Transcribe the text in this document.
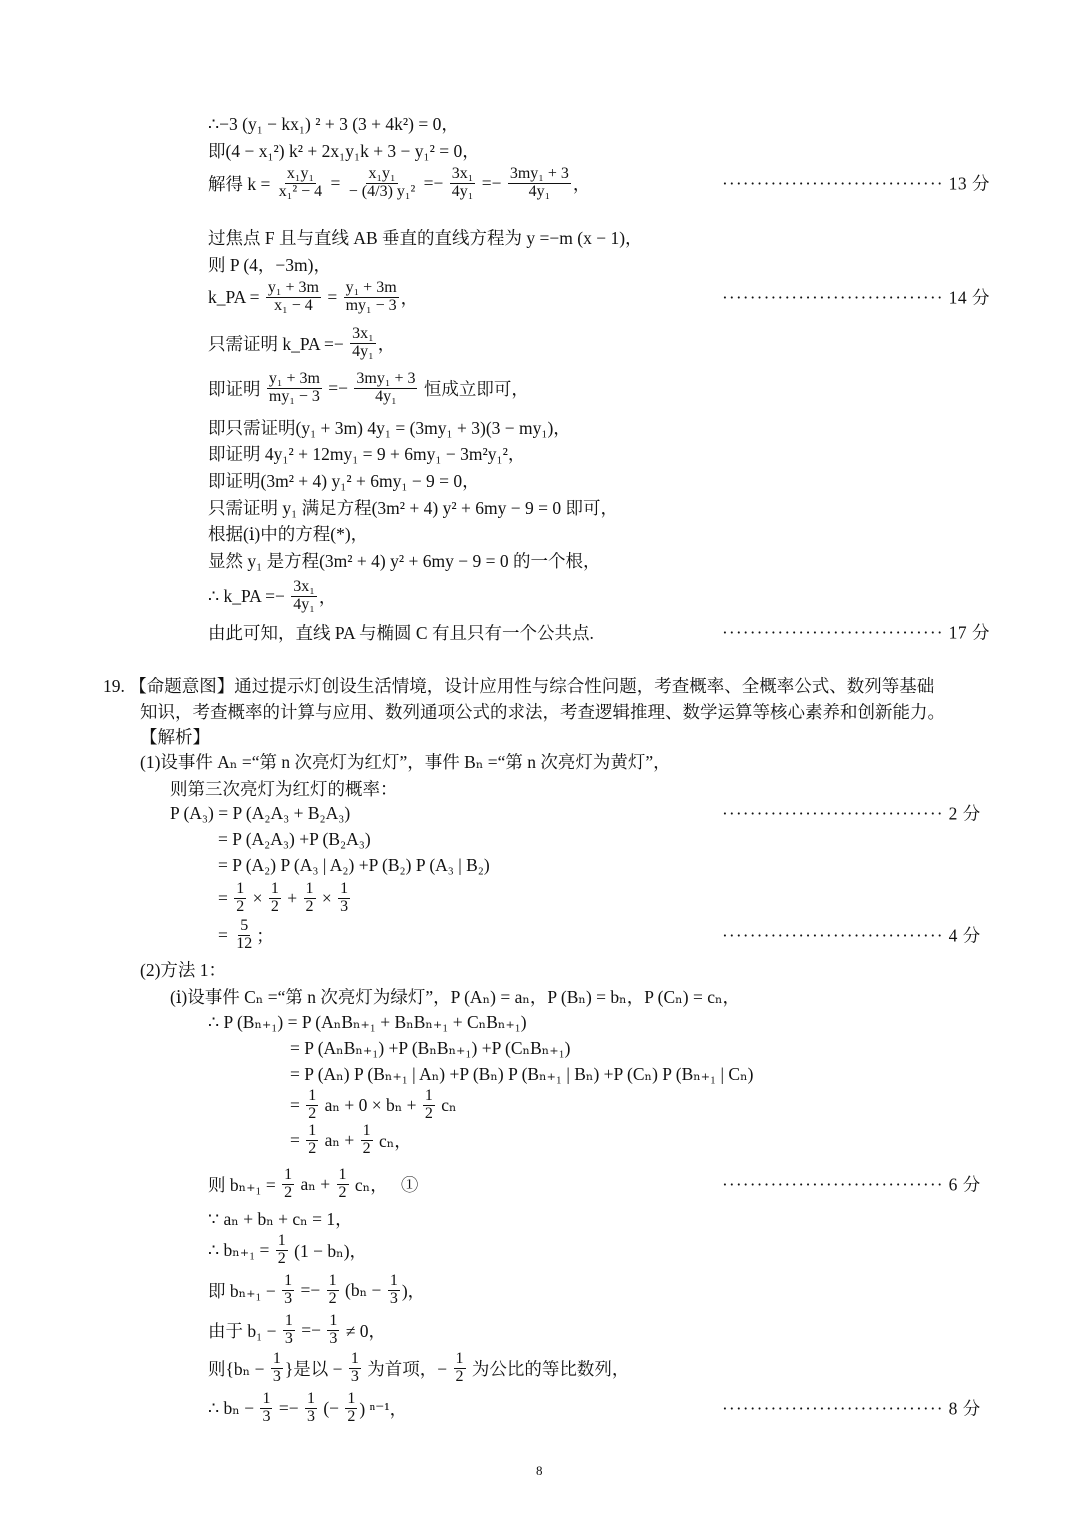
∴−3 (y₁ − kx₁) ² + 3 (3 + 4k²) = 0，
即(4 − x₁²) k² + 2x₁y₁k + 3 − y₁² = 0，
解得 $k = \frac{\text{x₁y₁}}{\text{x₁² − 4}} = \frac{\text{x₁y₁}}{\text{− (4/3) y₁²}} =- \frac{\text{3x₁}}{\text{4y₁}} =- \frac{\text{3my₁ + 3}}{\text{4y₁}}$ ，	································ 13 分
过焦点 F 且与直线 AB 垂直的直线方程为 y =−m (x − 1)，
则 P (4，−3m)，
k_PA = $\frac{\text{y₁ + 3m}}{\text{x₁ − 4}} = \frac{\text{y₁ + 3m}}{\text{my₁ − 3}}$ ，	································ 14 分
只需证明 k_PA =− $\frac{\text{3x₁}}{\text{4y₁}}$ ，
即证明 $\frac{\text{y₁ + 3m}}{\text{my₁ − 3}} =- \frac{\text{3my₁ + 3}}{\text{4y₁}}$ 恒成立即可，
即只需证明(y₁ + 3m) 4y₁ = (3my₁ + 3)(3 − my₁)，
即证明 4y₁² + 12my₁ = 9 + 6my₁ − 3m²y₁²，
即证明(3m² + 4) y₁² + 6my₁ − 9 = 0，
只需证明 y₁ 满足方程(3m² + 4) y² + 6my − 9 = 0 即可，
根据(ⅰ)中的方程(*)，
显然 y₁ 是方程(3m² + 4) y² + 6my − 9 = 0 的一个根，
∴ k_PA =− $\frac{\text{3x₁}}{\text{4y₁}}$ ，
由此可知，直线 PA 与椭圆 C 有且只有一个公共点.	································ 17 分
19. 【命题意图】通过提示灯创设生活情境，设计应用性与综合性问题，考查概率、全概率公式、数列等基础
知识，考查概率的计算与应用、数列通项公式的求法，考查逻辑推理、数学运算等核心素养和创新能力。
【解析】
(1)设事件 Aₙ =“第 n 次亮灯为红灯”，事件 Bₙ =“第 n 次亮灯为黄灯”，
则第三次亮灯为红灯的概率：
P (A₃) = P (A₂A₃ + B₂A₃)	································ 2 分
= P (A₂A₃) +P (B₂A₃)
= P (A₂) P (A₃ | A₂) +P (B₂) P (A₃ | B₂)
= $\frac{1}{2} \times \frac{1}{2} + \frac{1}{2} \times \frac{1}{3}$
= $\frac{5}{12}$ ；	································ 4 分
(2)方法 1：
(ⅰ)设事件 Cₙ =“第 n 次亮灯为绿灯”，P (Aₙ) = aₙ，P (Bₙ) = bₙ，P (Cₙ) = cₙ，
∴ P (Bₙ₊₁) = P (AₙBₙ₊₁ + BₙBₙ₊₁ + CₙBₙ₊₁)
= P (AₙBₙ₊₁) +P (BₙBₙ₊₁) +P (CₙBₙ₊₁)
= P (Aₙ) P (Bₙ₊₁ | Aₙ) +P (Bₙ) P (Bₙ₊₁ | Bₙ) +P (Cₙ) P (Bₙ₊₁ | Cₙ)
= $\frac{1}{2}$ $a_n + 0 \times b_n + \frac{1}{2}$ cₙ
= $\frac{1}{2}$ $a_n + \frac{1}{2}$ cₙ，
则 $b_{n+1} = \frac{1}{2}$ $a_n + \frac{1}{2}$ cₙ，   ①	································ 6 分
∵ aₙ + bₙ + cₙ = 1，
∴ $b_{n+1} = \frac{1}{2} (1 - b_n)$，
即 $b_{n+1} - \frac{1}{3} =- \frac{1}{2} (b_n - \frac{1}{3}$ )，
由于 $b_1 - \frac{1}{3} =- \frac{1}{3} \ne 0$，
则{$b_n - \frac{1}{3}$ }是以 − $\frac{1}{3}$ 为首项，− $\frac{1}{2}$ 为公比的等比数列，
∴ $b_n - \frac{1}{3} =- \frac{1}{3}$ (− $\frac{1}{2}$ ) ⁿ⁻¹，	································ 8 分
8
